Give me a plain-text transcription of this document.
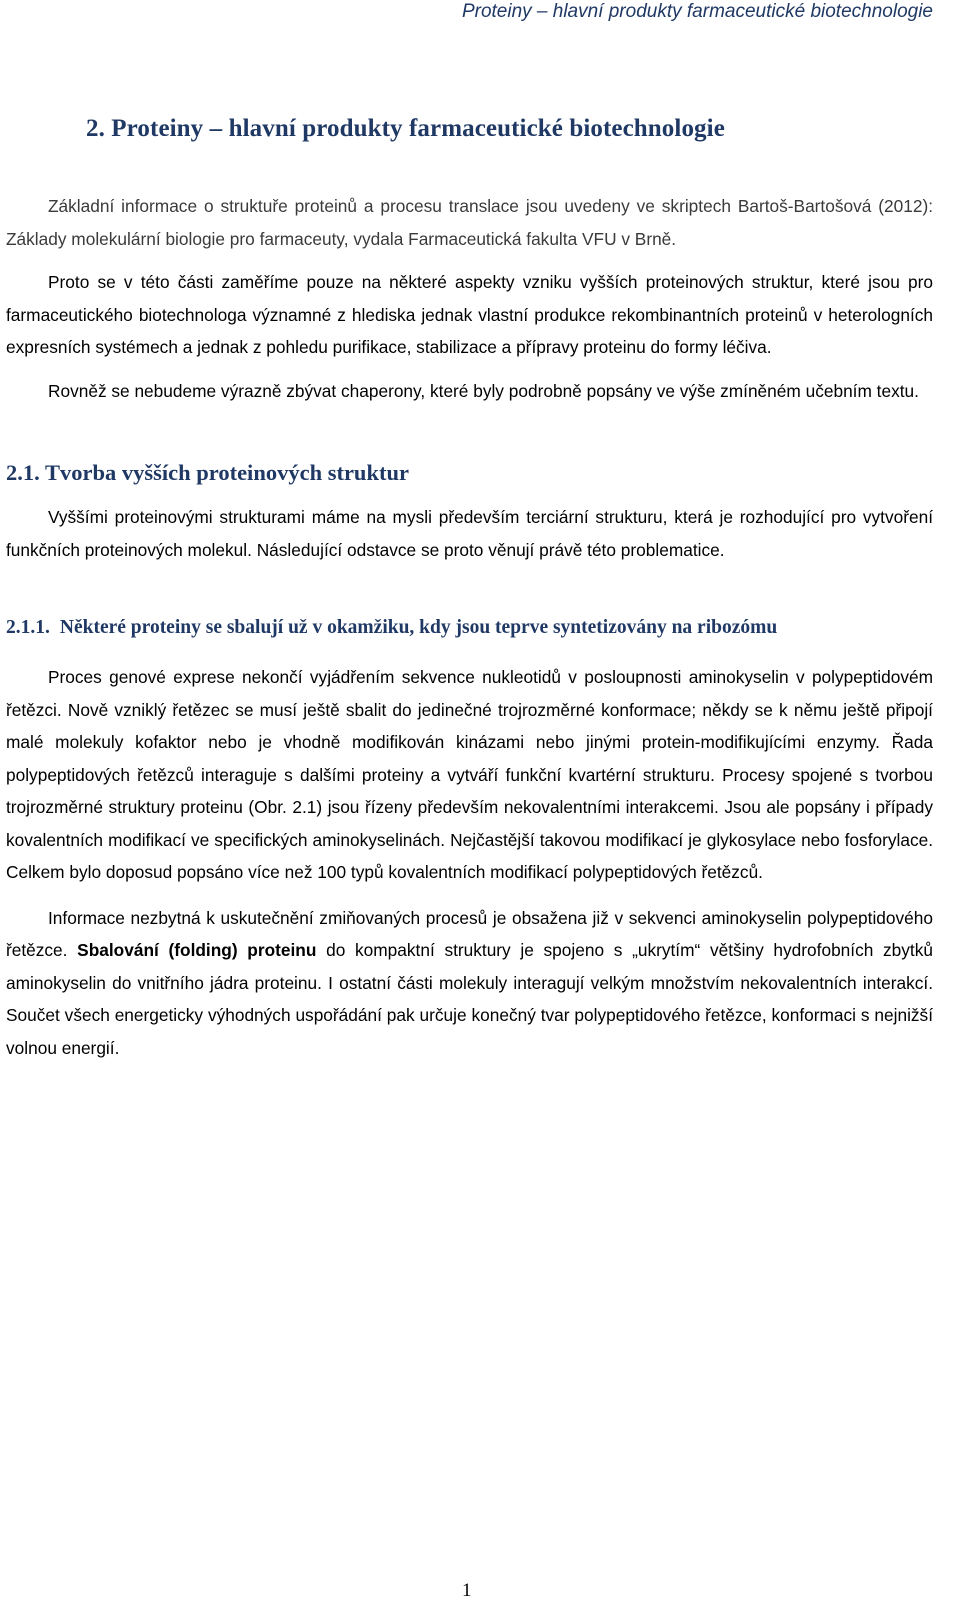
Proteiny – hlavní produkty farmaceutické biotechnologie
2. Proteiny – hlavní produkty farmaceutické biotechnologie

Základní informace o struktuře proteinů a procesu translace jsou uvedeny ve skriptech Bartoš-Bartošová (2012): Základy molekulární biologie pro farmaceuty, vydala Farmaceutická fakulta VFU v Brně.

Proto se v této části zaměříme pouze na některé aspekty vzniku vyšších proteinových struktur, které jsou pro farmaceutického biotechnologa významné z hlediska jednak vlastní produkce rekombinantních proteinů v heterologních expresních systémech a jednak z pohledu purifikace, stabilizace a přípravy proteinu do formy léčiva.

Rovněž se nebudeme výrazně zbývat chaperony, které byly podrobně popsány ve výše zmíněném učebním textu.

2.1. Tvorba vyšších proteinových struktur

Vyššími proteinovými strukturami máme na mysli především terciární strukturu, která je rozhodující pro vytvoření funkčních proteinových molekul. Následující odstavce se proto věnují právě této problematice.

2.1.1. Některé proteiny se sbalují už v okamžiku, kdy jsou teprve syntetizovány na ribozómu

Proces genové exprese nekončí vyjádřením sekvence nukleotidů v posloupnosti aminokyselin v polypeptidovém řetězci. Nově vzniklý řetězec se musí ještě sbalit do jedinečné trojrozměrné konformace; někdy se k němu ještě připojí malé molekuly kofaktor nebo je vhodně modifikován kinázami nebo jinými protein-modifikujícími enzymy. Řada polypeptidových řetězců interaguje s dalšími proteiny a vytváří funkční kvartérní strukturu. Procesy spojené s tvorbou trojrozměrné struktury proteinu (Obr. 2.1) jsou řízeny především nekovalentními interakcemi. Jsou ale popsány i případy kovalentních modifikací ve specifických aminokyselinách. Nejčastější takovou modifikací je glykosylace nebo fosforylace. Celkem bylo doposud popsáno více než 100 typů kovalentních modifikací polypeptidových řetězců.

Informace nezbytná k uskutečnění zmiňovaných procesů je obsažena již v sekvenci aminokyselin polypeptidového řetězce. Sbalování (folding) proteinu do kompaktní struktury je spojeno s „ukrytím“ většiny hydrofobních zbytků aminokyselin do vnitřního jádra proteinu. I ostatní části molekuly interagují velkým množstvím nekovalentních interakcí. Součet všech energeticky výhodných uspořádání pak určuje konečný tvar polypeptidového řetězce, konformaci s nejnižší volnou energií.

1
